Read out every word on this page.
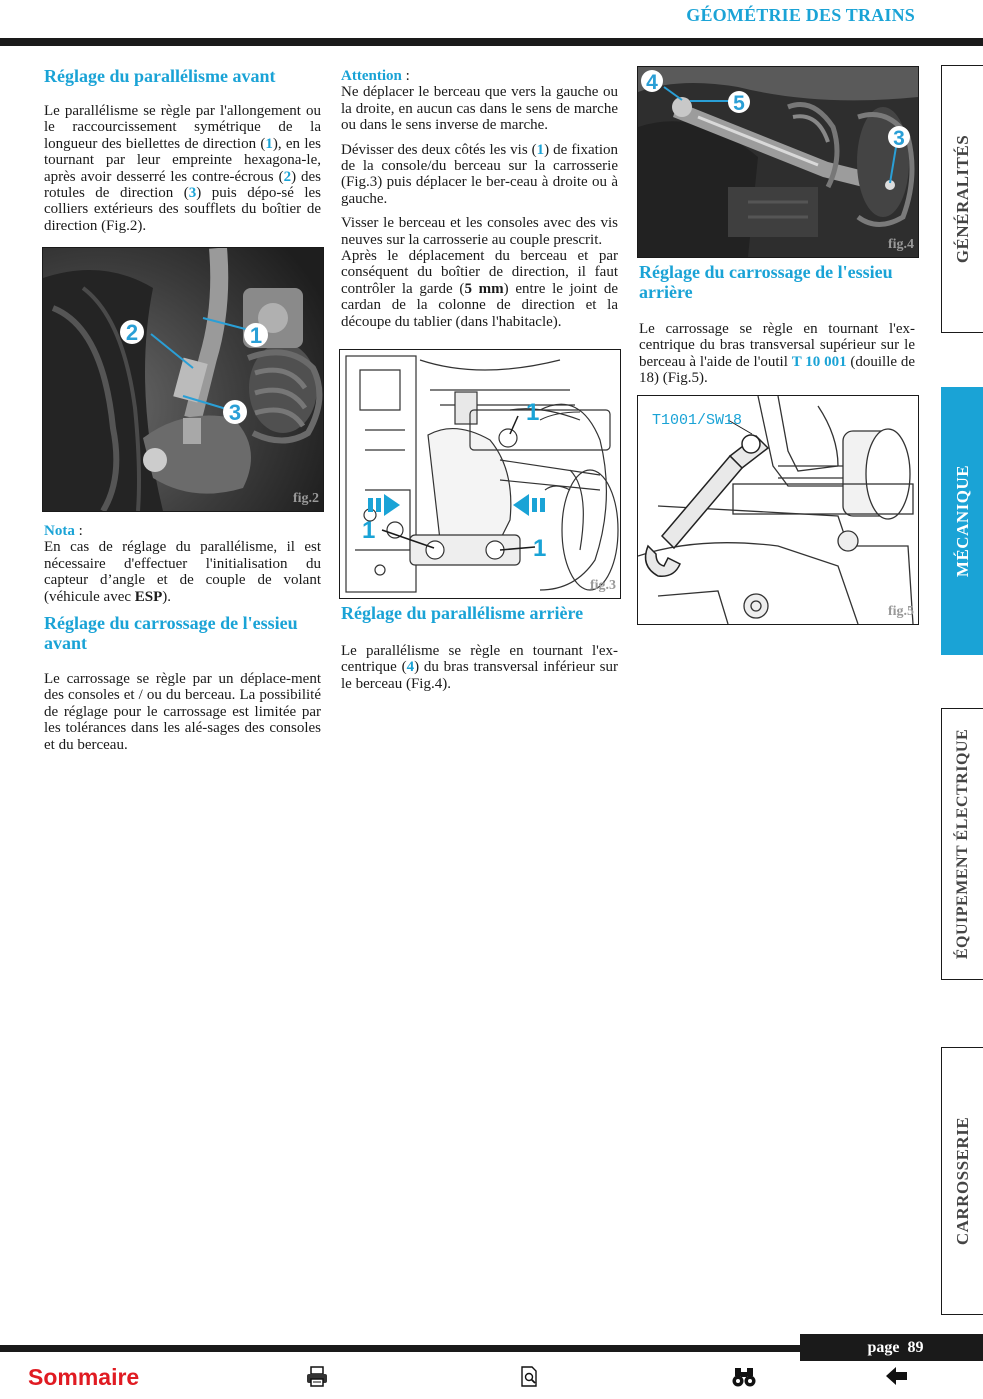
GÉOMÉTRIE DES TRAINS
Réglage du parallélisme avant

Le parallélisme se règle par l'allongement ou le raccourcissement symétrique de la longueur des biellettes de direction (1), en les tournant par leur empreinte hexagona-le, après avoir desserré les contre-écrous (2) des rotules de direction (3) puis dépo-sé les colliers extérieurs des soufflets du boîtier de direction (Fig.2).

2	1
3
fig.2

Nota :

En cas de réglage du parallélisme, il est nécessaire d'effectuer l'initialisation du capteur d’angle et de couple de volant (véhicule avec ESP).

Réglage du carrossage de l'essieu avant

Le carrossage se règle par un déplace-ment des consoles et / ou du berceau. La possibilité de réglage pour le carrossage est limitée par les tolérances dans les alé-sages des consoles et du berceau.

Attention :

Ne déplacer le berceau que vers la gauche ou la droite, en aucun cas dans le sens de marche ou dans le sens inverse de marche.

Dévisser des deux côtés les vis (1) de fixation de la console/du berceau sur la carrosserie (Fig.3) puis déplacer le ber-ceau à droite ou à gauche.

Visser le berceau et les consoles avec des vis neuves sur la carrosserie au couple prescrit.

Après le déplacement du berceau et par conséquent du boîtier de direction, il faut contrôler la garde (5 mm) entre le joint de cardan de la colonne de direction et la découpe du tablier (dans l'habitacle).

1
1
1
fig.3
Réglage du parallélisme arrière

Le parallélisme se règle en tournant l'ex-centrique (4) du bras transversal inférieur sur le berceau (Fig.4).

4
5
3
fig.4
Réglage du carrossage de l'essieu arrière

Le carrossage se règle en tournant l'ex-centrique du bras transversal supérieur sur le berceau à l'aide de l'outil T 10 001 (douille de 18) (Fig.5).

T1001/SW18
fig.5
GÉNÉRALITÉS
MÉCANIQUE
ÉQUIPEMENT ÉLECTRIQUE
CARROSSERIE
page 89
Sommaire
